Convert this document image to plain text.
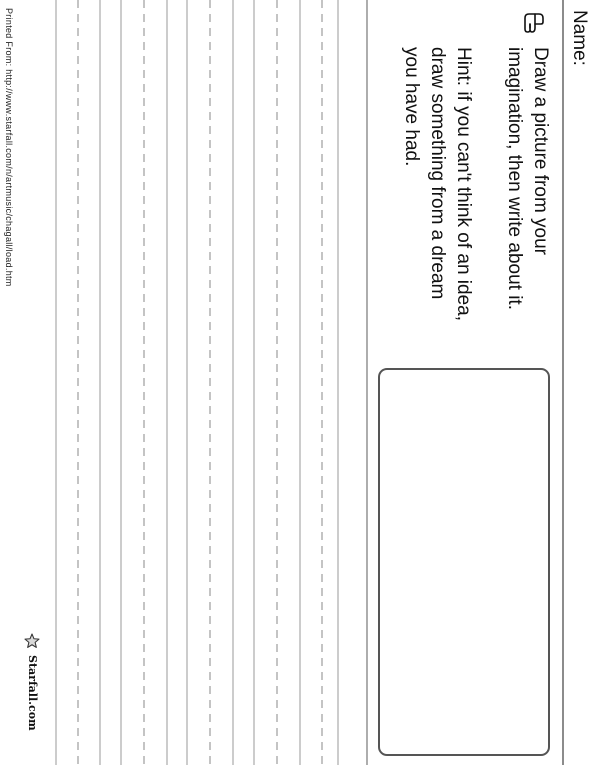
Name:
Draw a picture from your
imagination, then write about it.
Hint: if you can't think of an idea,
draw something from a dream
you have had.
Printed From: http://www.starfall.com/n/artmusic/chagall/load.htm
Starfall.com
